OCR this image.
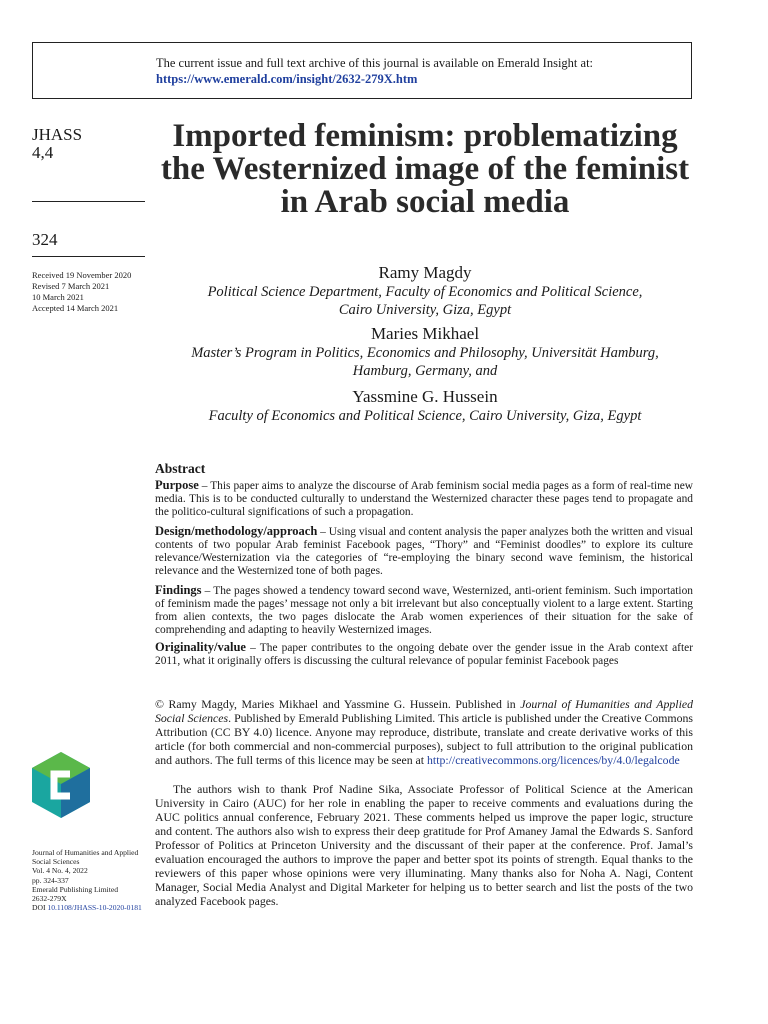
The current issue and full text archive of this journal is available on Emerald Insight at:
https://www.emerald.com/insight/2632-279X.htm
JHASS
4,4
324
Received 19 November 2020
Revised 7 March 2021
10 March 2021
Accepted 14 March 2021
Imported feminism: problematizing the Westernized image of the feminist in Arab social media
Ramy Magdy
Political Science Department, Faculty of Economics and Political Science,
Cairo University, Giza, Egypt
Maries Mikhael
Master’s Program in Politics, Economics and Philosophy, Universität Hamburg,
Hamburg, Germany, and
Yassmine G. Hussein
Faculty of Economics and Political Science, Cairo University, Giza, Egypt
Abstract
Purpose – This paper aims to analyze the discourse of Arab feminism social media pages as a form of real-time new media. This is to be conducted culturally to understand the Westernized character these pages tend to propagate and the politico-cultural significations of such a propagation.
Design/methodology/approach – Using visual and content analysis the paper analyzes both the written and visual contents of two popular Arab feminist Facebook pages, “Thory” and “Feminist doodles” to explore its culture relevance/Westernization via the categories of “re-employing the binary second wave feminism, the historical relevance and the Westernized tone of both pages.
Findings – The pages showed a tendency toward second wave, Westernized, anti-orient feminism. Such importation of feminism made the pages’ message not only a bit irrelevant but also conceptually violent to a large extent. Starting from alien contexts, the two pages dislocate the Arab women experiences of their situation for the sake of comprehending and adapting to heavily Westernized images.
Originality/value – The paper contributes to the ongoing debate over the gender issue in the Arab context after 2011, what it originally offers is discussing the cultural relevance of popular feminist Facebook pages

© Ramy Magdy, Maries Mikhael and Yassmine G. Hussein. Published in Journal of Humanities and Applied Social Sciences. Published by Emerald Publishing Limited. This article is published under the Creative Commons Attribution (CC BY 4.0) licence. Anyone may reproduce, distribute, translate and create derivative works of this article (for both commercial and non-commercial purposes), subject to full attribution to the original publication and authors. The full terms of this licence may be seen at http://creativecommons.org/licences/by/4.0/legalcode

The authors wish to thank Prof Nadine Sika, Associate Professor of Political Science at the American University in Cairo (AUC) for her role in enabling the paper to receive comments and evaluations during the AUC politics annual conference, February 2021. These comments helped us improve the paper logic, structure and content. The authors also wish to express their deep gratitude for Prof Amaney Jamal the Edwards S. Sanford Professor of Politics at Princeton University and the discussant of their paper at the conference. Prof. Jamal’s evaluation encouraged the authors to improve the paper and better spot its points of strength. Equal thanks to the reviewers of this paper whose opinions were very illuminating. Many thanks also for Noha A. Nagi, Content Manager, Social Media Analyst and Digital Marketer for helping us to better search and list the posts of the two analyzed Facebook pages.
Journal of Humanities and Applied
Social Sciences
Vol. 4 No. 4, 2022
pp. 324-337
Emerald Publishing Limited
2632-279X
DOI 10.1108/JHASS-10-2020-0181
